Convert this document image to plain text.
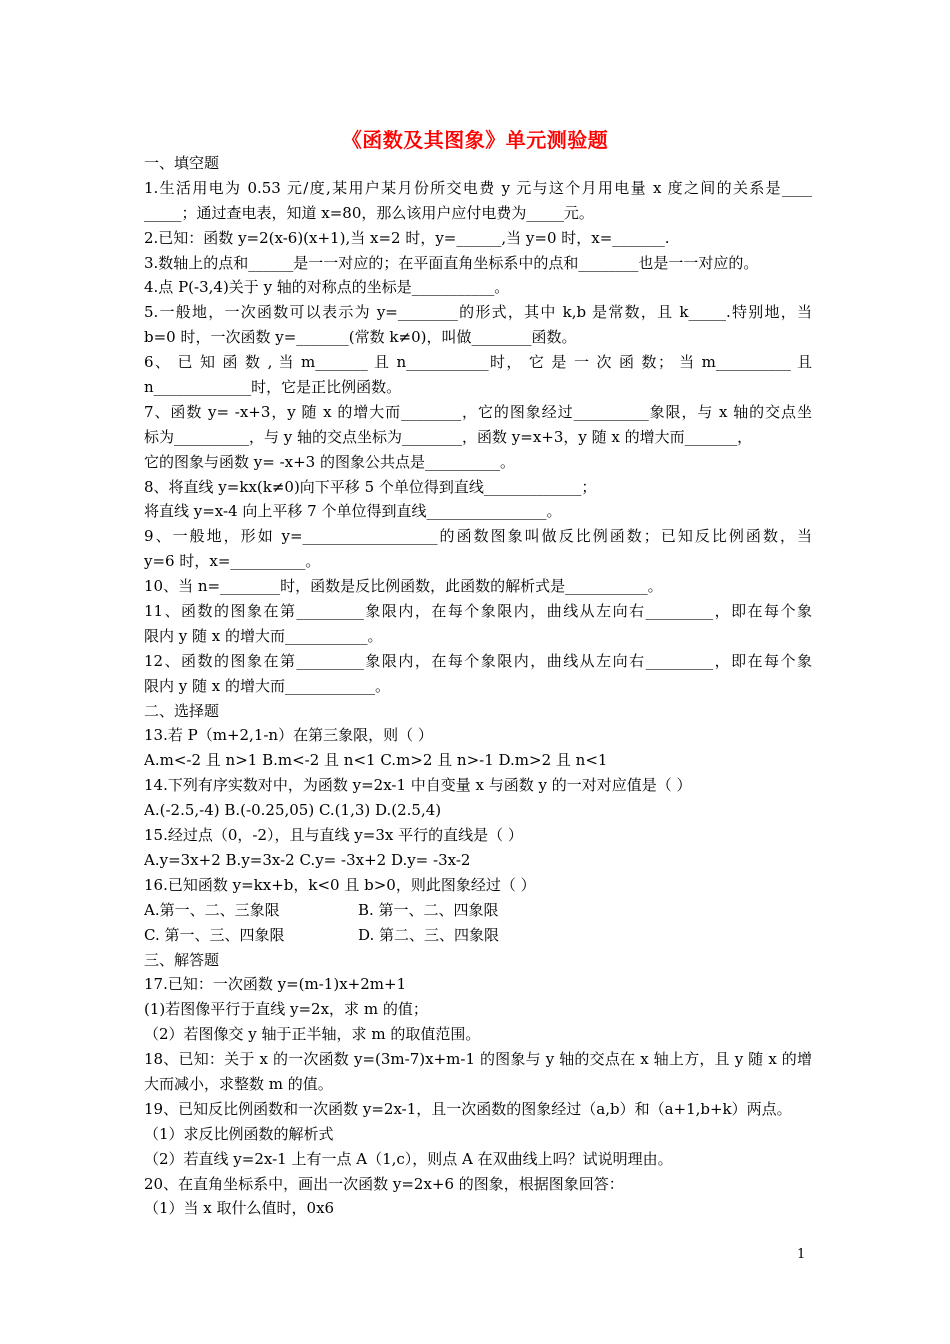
《函数及其图象》单元测验题
一、填空题
1.生活用电为 0.53 元/度,某用户某月份所交电费 y 元与这个月用电量 x 度之间的关系是____
_____；通过查电表，知道 x=80，那么该用户应付电费为_____元。
2.已知：函数 y=2(x-6)(x+1),当 x=2 时，y=______,当 y=0 时，x=_______.
3.数轴上的点和______是一一对应的；在平面直角坐标系中的点和________也是一一对应的。
4.点 P(-3,4)关于 y 轴的对称点的坐标是___________。
5.一般地，一次函数可以表示为 y=________的形式，其中 k,b 是常数，且 k_____.特别地，当
b=0 时，一次函数 y=_______(常数 k≠0)，叫做________函数。
6、 已 知 函 数 , 当 m_______ 且 n___________时， 它 是 一 次 函 数； 当 m__________ 且
n_____________时，它是正比例函数。
7、函数 y= -x+3，y 随 x 的增大而________，它的图象经过__________象限，与 x 轴的交点坐
标为__________，与 y 轴的交点坐标为________，函数 y=x+3，y 随 x 的增大而_______，
它的图象与函数 y= -x+3 的图象公共点是__________。
8、将直线 y=kx(k≠0)向下平移 5 个单位得到直线_____________；
将直线 y=x-4 向上平移 7 个单位得到直线________________。
9、一般地，形如 y=__________________的函数图象叫做反比例函数；已知反比例函数，当
y=6 时，x=__________。
10、当 n=________时，函数是反比例函数，此函数的解析式是___________。
11、函数的图象在第_________象限内，在每个象限内，曲线从左向右_________，即在每个象
限内 y 随 x 的增大而___________。
12、函数的图象在第_________象限内，在每个象限内，曲线从左向右_________，即在每个象
限内 y 随 x 的增大而____________。
二、选择题
13.若 P（m+2,1-n）在第三象限，则（ ）
A.m<-2 且 n>1 B.m<-2 且 n<1 C.m>2 且 n>-1 D.m>2 且 n<1
14.下列有序实数对中，为函数 y=2x-1 中自变量 x 与函数 y 的一对对应值是（ ）
A.(-2.5,-4) B.(-0.25,05) C.(1,3) D.(2.5,4)
15.经过点（0，-2），且与直线 y=3x 平行的直线是（ ）
A.y=3x+2 B.y=3x-2 C.y= -3x+2 D.y= -3x-2
16.已知函数 y=kx+b，k<0 且 b>0，则此图象经过（ ）
A.第一、二、三象限	B. 第一、二、四象限
C. 第一、三、四象限	D. 第二、三、四象限
三、解答题
17.已知：一次函数 y=(m-1)x+2m+1
(1)若图像平行于直线 y=2x，求 m 的值；
（2）若图像交 y 轴于正半轴，求 m 的取值范围。
18、已知：关于 x 的一次函数 y=(3m-7)x+m-1 的图象与 y 轴的交点在 x 轴上方，且 y 随 x 的增
大而减小，求整数 m 的值。
19、已知反比例函数和一次函数 y=2x-1，且一次函数的图象经过（a,b）和（a+1,b+k）两点。
（1）求反比例函数的解析式
（2）若直线 y=2x-1 上有一点 A（1,c），则点 A 在双曲线上吗？试说明理由。
20、在直角坐标系中，画出一次函数 y=2x+6 的图象，根据图象回答：
（1）当 x 取什么值时，0x6
1
